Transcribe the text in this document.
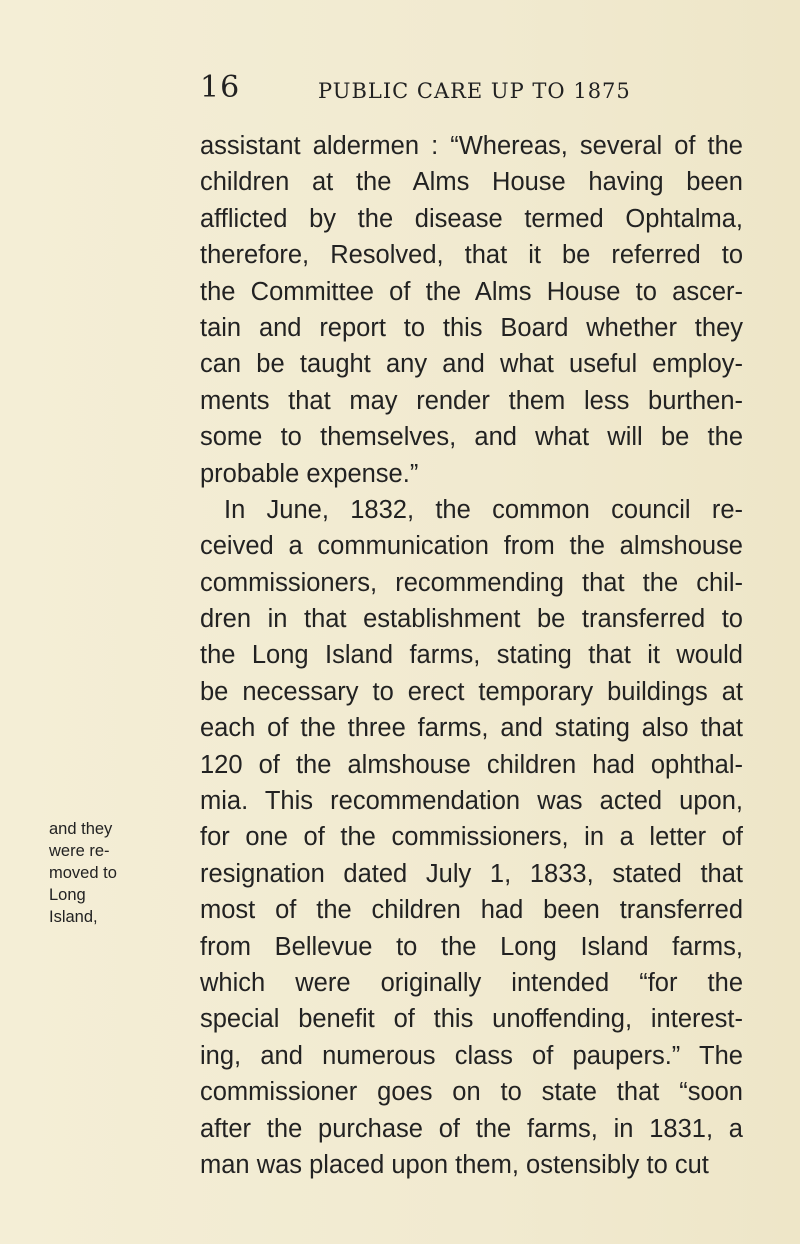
16	PUBLIC CARE UP TO 1875
assistant aldermen : “Whereas, several of the
children at the Alms House having been
afflicted by the disease termed Ophtalma,
therefore, Resolved, that it be referred to
the Committee of the Alms House to ascer-
tain and report to this Board whether they
can be taught any and what useful employ-
ments that may render them less burthen-
some to themselves, and what will be the
probable expense.”
In June, 1832, the common council re-
ceived a communication from the almshouse
commissioners, recommending that the chil-
dren in that establishment be transferred to
the Long Island farms, stating that it would
be necessary to erect temporary buildings at
each of the three farms, and stating also that
120 of the almshouse children had ophthal-
mia. This recommendation was acted upon,
for one of the commissioners, in a letter of
resignation dated July 1, 1833, stated that
most of the children had been transferred
from Bellevue to the Long Island farms,
which were originally intended “for the
special benefit of this unoffending, interest-
ing, and numerous class of paupers.” The
commissioner goes on to state that “soon
after the purchase of the farms, in 1831, a
man was placed upon them, ostensibly to cut
and they
were re-
moved to
Long
Island,
